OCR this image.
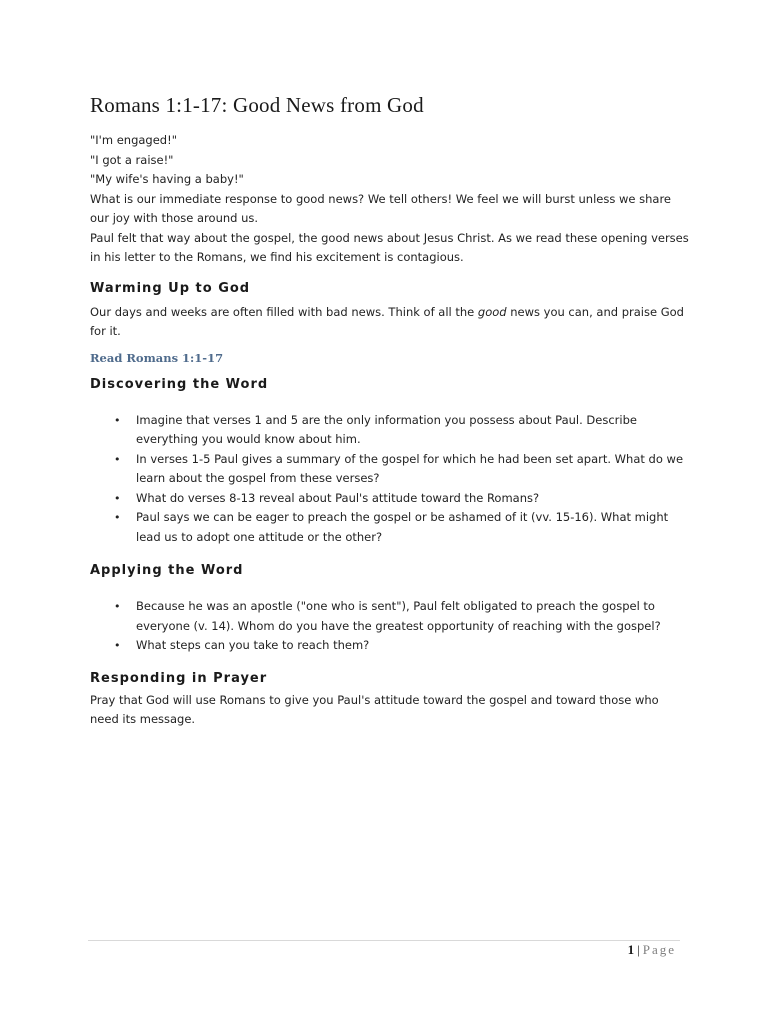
Romans 1:1-17: Good News from God

"I'm engaged!"

"I got a raise!"

"My wife's having a baby!"

What is our immediate response to good news? We tell others! We feel we will burst unless we share our joy with those around us.

Paul felt that way about the gospel, the good news about Jesus Christ. As we read these opening verses in his letter to the Romans, we find his excitement is contagious.

Warming Up to God

Our days and weeks are often filled with bad news. Think of all the good news you can, and praise God for it.

Read Romans 1:1-17

Discovering the Word
• Imagine that verses 1 and 5 are the only information you possess about Paul. Describe everything you would know about him.
• In verses 1-5 Paul gives a summary of the gospel for which he had been set apart. What do we learn about the gospel from these verses?
• What do verses 8-13 reveal about Paul's attitude toward the Romans?
• Paul says we can be eager to preach the gospel or be ashamed of it (vv. 15-16). What might lead us to adopt one attitude or the other?
Applying the Word
• Because he was an apostle ("one who is sent"), Paul felt obligated to preach the gospel to everyone (v. 14). Whom do you have the greatest opportunity of reaching with the gospel?
• What steps can you take to reach them?
Responding in Prayer

Pray that God will use Romans to give you Paul's attitude toward the gospel and toward those who need its message.

1 | Page
